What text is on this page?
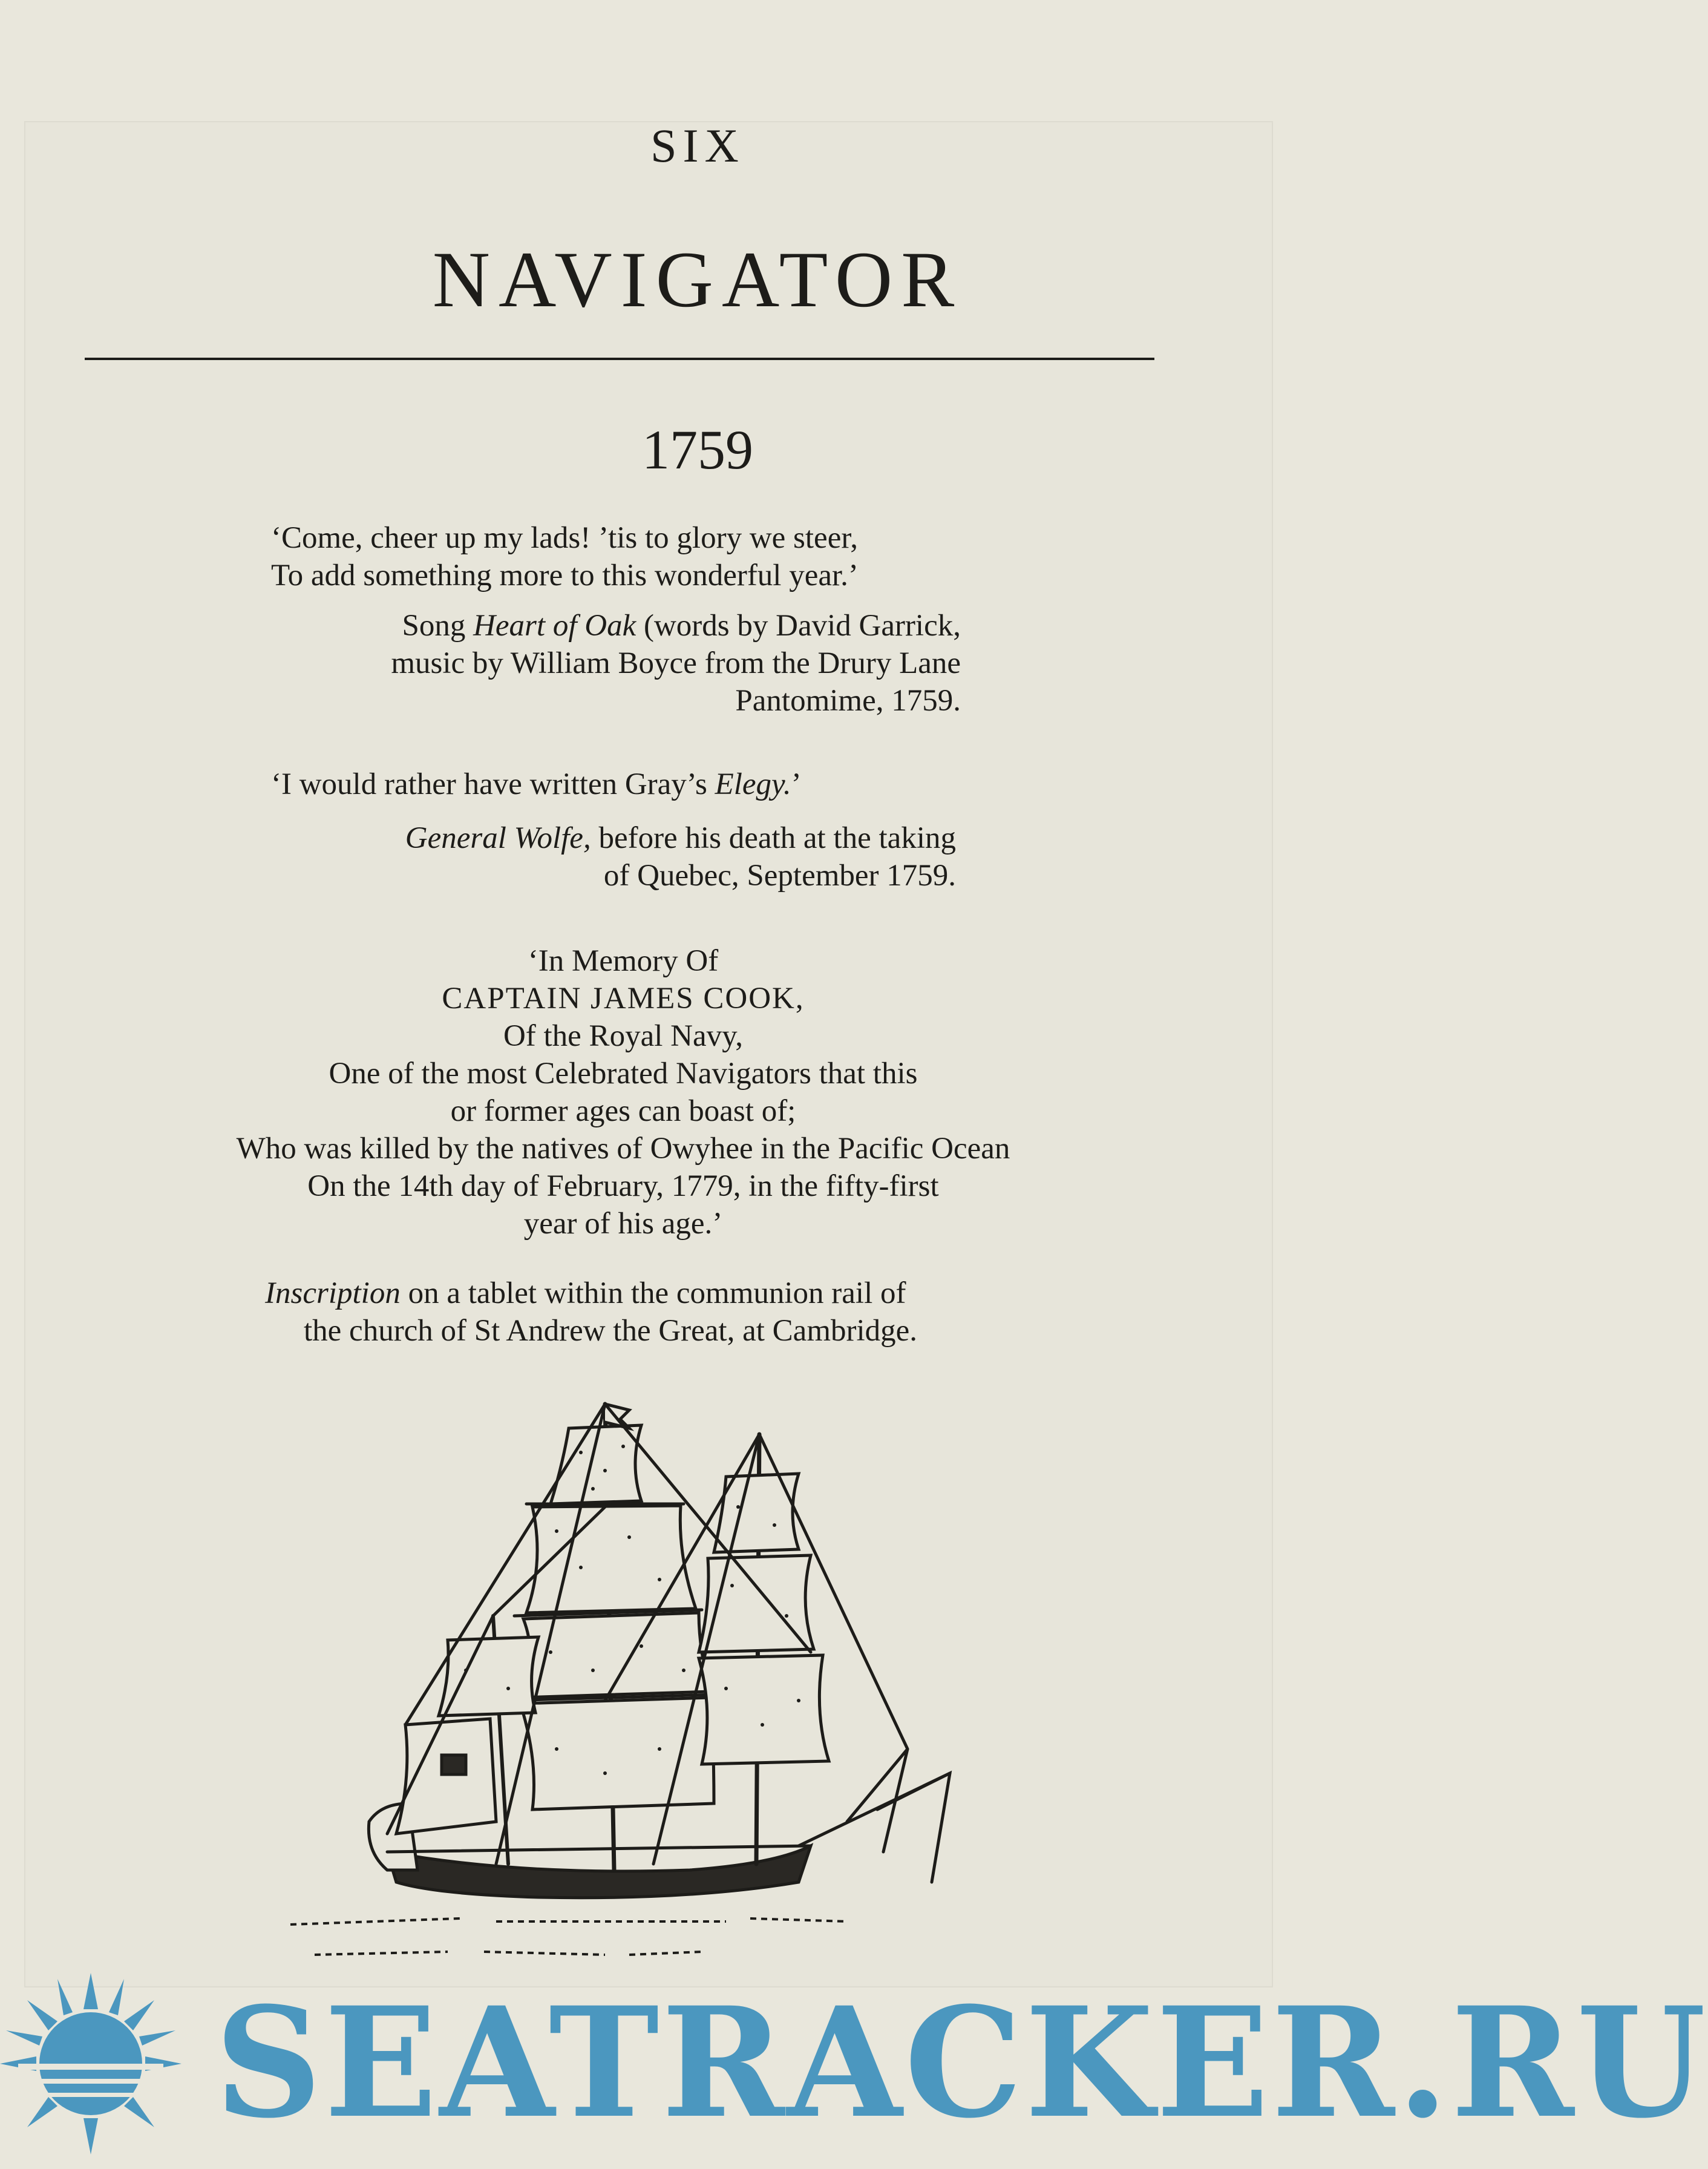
SIX
NAVIGATOR
1759
‘Come, cheer up my lads! ’tis to glory we steer,
To add something more to this wonderful year.’
Song Heart of Oak (words by David Garrick,
music by William Boyce from the Drury Lane
Pantomime, 1759.
‘I would rather have written Gray’s Elegy.’
General Wolfe, before his death at the taking
of Quebec, September 1759.
‘In Memory Of
CAPTAIN JAMES COOK,
Of the Royal Navy,
One of the most Celebrated Navigators that this
or former ages can boast of;
Who was killed by the natives of Owyhee in the Pacific Ocean
On the 14th day of February, 1779, in the fifty-first
year of his age.’
Inscription on a tablet within the communion rail of
the church of St Andrew the Great, at Cambridge.
SEATRACKER.RU
